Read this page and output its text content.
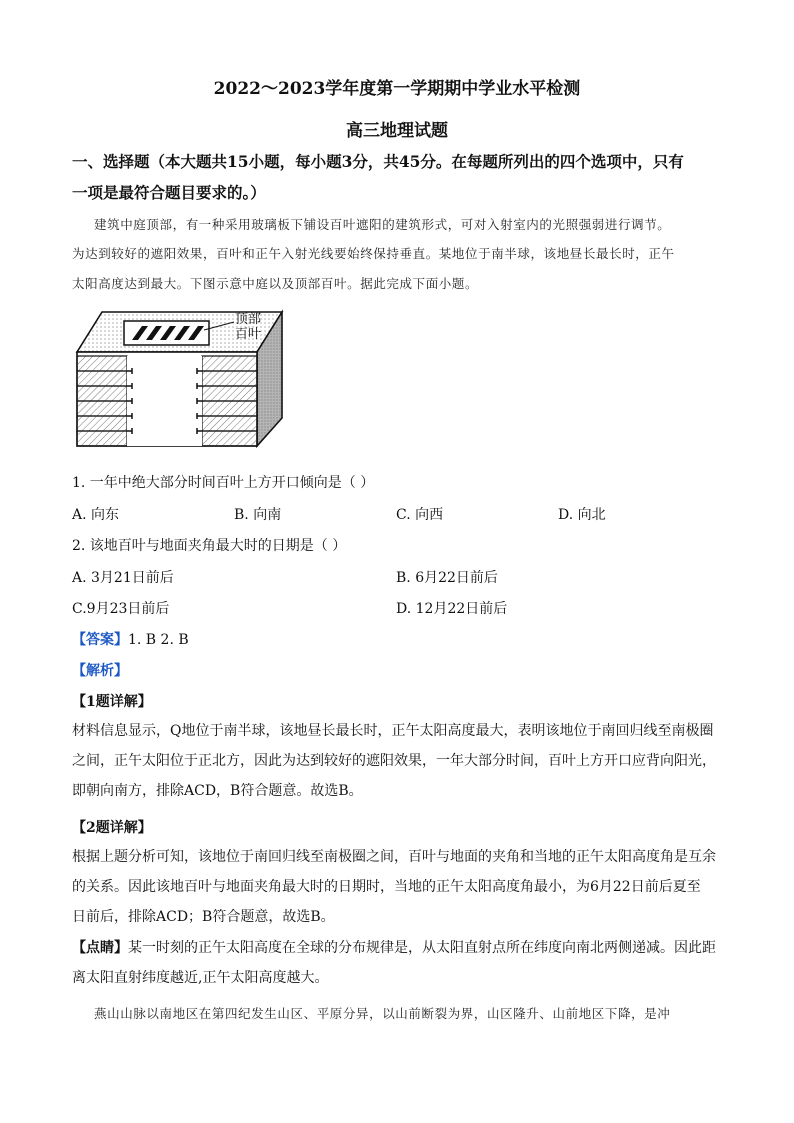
2022～2023学年度第一学期期中学业水平检测
高三地理试题
一、选择题（本大题共15小题，每小题3分，共45分。在每题所列出的四个选项中，只有
一项是最符合题目要求的。）
建筑中庭顶部，有一种采用玻璃板下铺设百叶遮阳的建筑形式，可对入射室内的光照强弱进行调节。
为达到较好的遮阳效果，百叶和正午入射光线要始终保持垂直。某地位于南半球，该地昼长最长时，正午
太阳高度达到最大。下图示意中庭以及顶部百叶。据此完成下面小题。
顶部
百叶
1. 一年中绝大部分时间百叶上方开口倾向是（ ）
A. 向东	B. 向南	C. 向西	D. 向北
2. 该地百叶与地面夹角最大时的日期是（ ）
A. 3月21日前后	B. 6月22日前后
C.9月23日前后	D. 12月22日前后
【答案】1. B 2. B
【解析】
【1题详解】
材料信息显示，Q地位于南半球，该地昼长最长时，正午太阳高度最大，表明该地位于南回归线至南极圈
之间，正午太阳位于正北方，因此为达到较好的遮阳效果，一年大部分时间，百叶上方开口应背向阳光，
即朝向南方，排除ACD，B符合题意。故选B。
【2题详解】
根据上题分析可知，该地位于南回归线至南极圈之间，百叶与地面的夹角和当地的正午太阳高度角是互余
的关系。因此该地百叶与地面夹角最大时的日期时，当地的正午太阳高度角最小，为6月22日前后夏至
日前后，排除ACD；B符合题意，故选B。
【点睛】某一时刻的正午太阳高度在全球的分布规律是，从太阳直射点所在纬度向南北两侧递减。因此距
离太阳直射纬度越近,正午太阳高度越大。
燕山山脉以南地区在第四纪发生山区、平原分异，以山前断裂为界，山区隆升、山前地区下降，是冲
